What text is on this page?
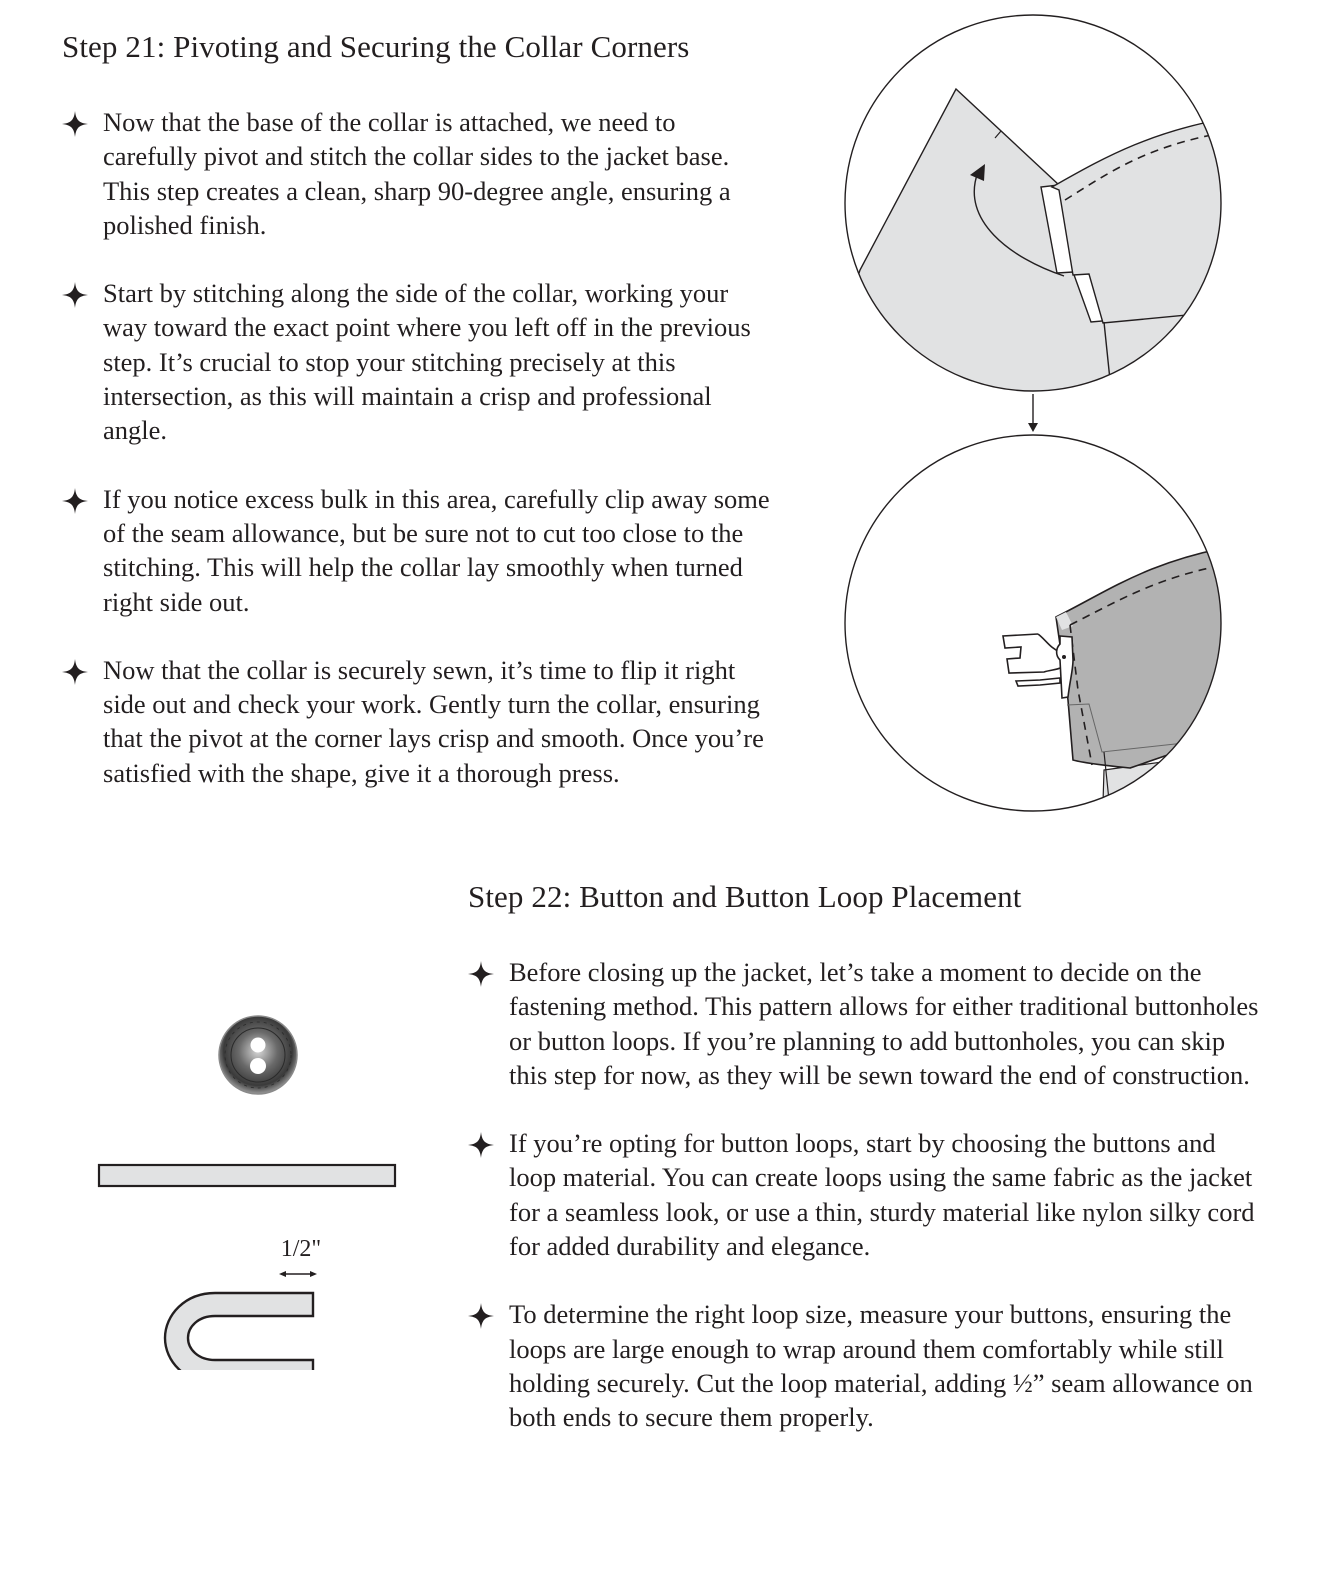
Step 21: Pivoting and Securing the Collar Corners
Now that the base of the collar is attached, we need to carefully pivot and stitch the collar sides to the jacket base. This step creates a clean, sharp 90-degree angle, ensuring a polished finish.
Start by stitching along the side of the collar, working your way toward the exact point where you left off in the previous step. It’s crucial to stop your stitching precisely at this intersection, as this will maintain a crisp and professional angle.
If you notice excess bulk in this area, carefully clip away some of the seam allowance, but be sure not to cut too close to the stitching. This will help the collar lay smoothly when turned right side out.
Now that the collar is securely sewn, it’s time to flip it right side out and check your work. Gently turn the collar, ensuring that the pivot at the corner lays crisp and smooth. Once you’re satisfied with the shape, give it a thorough press.
Step 22: Button and Button Loop Placement
Before closing up the jacket, let’s take a moment to decide on the fastening method. This pattern allows for either traditional buttonholes or button loops. If you’re planning to add buttonholes, you can skip this step for now, as they will be sewn toward the end of construction.
If you’re opting for button loops, start by choosing the buttons and loop material. You can create loops using the same fabric as the jacket for a seamless look, or use a thin, sturdy material like nylon silky cord for added durability and elegance.
To determine the right loop size, measure your buttons, ensuring the loops are large enough to wrap around them comfortably while still holding securely. Cut the loop material, adding ½” seam allowance on both ends to secure them properly.
1/2"
